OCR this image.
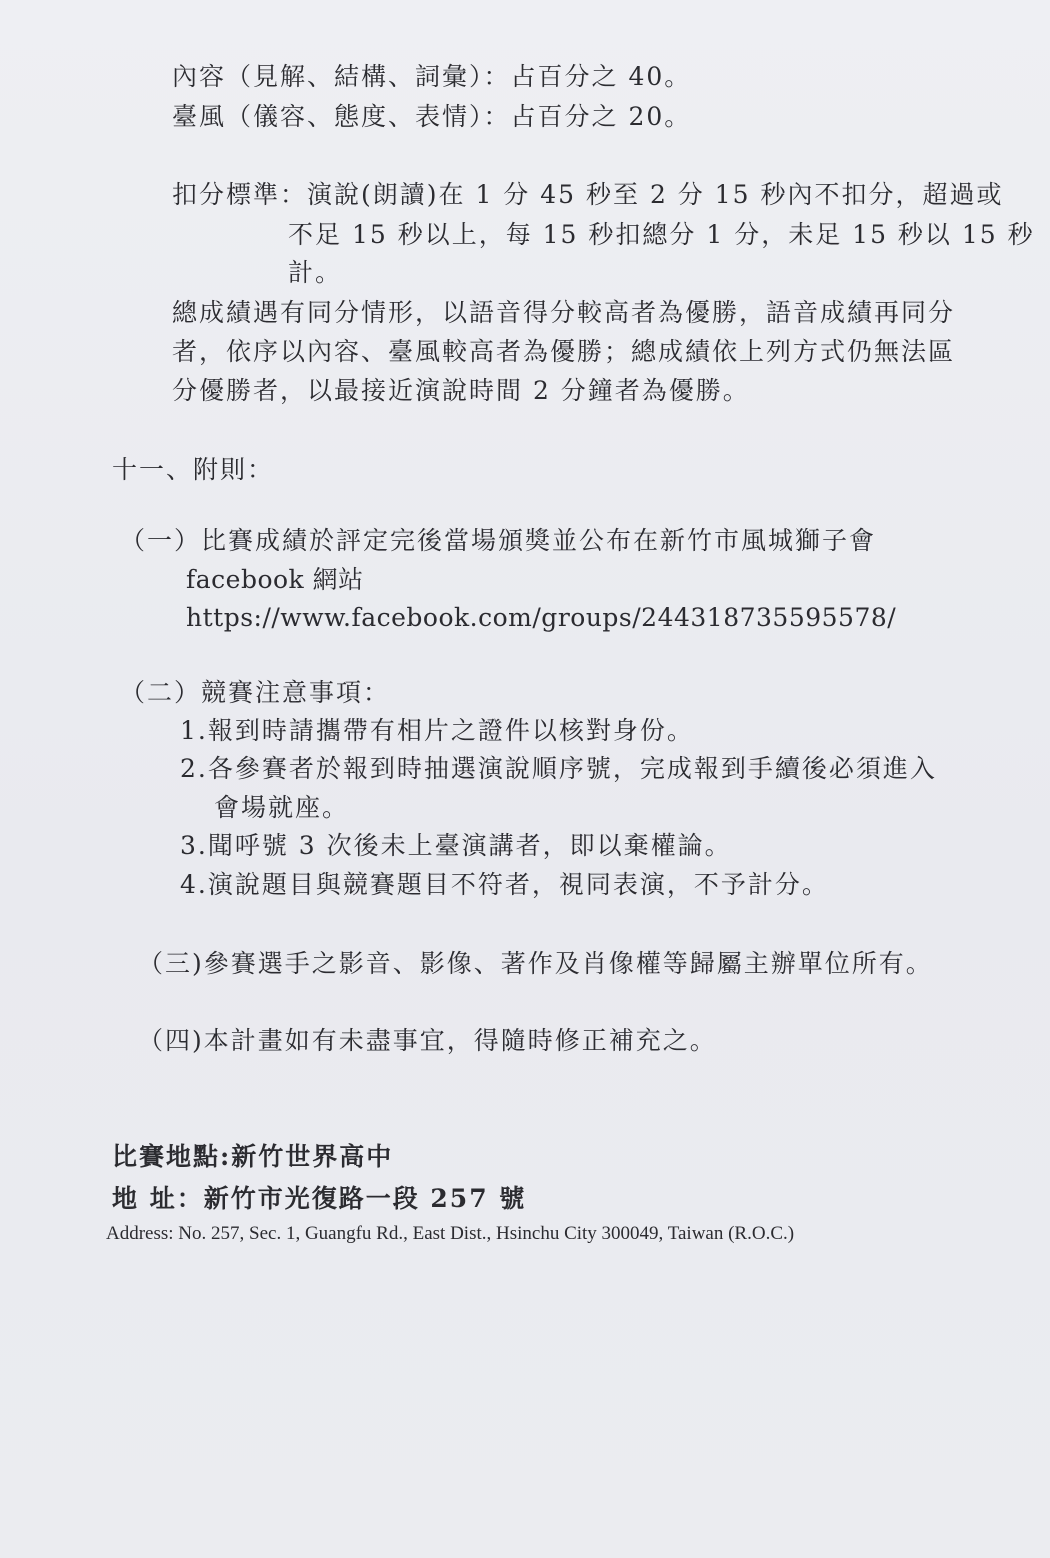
內容（見解、結構、詞彙）：占百分之 40。
臺風（儀容、態度、表情）：占百分之 20。
扣分標準：演說(朗讀)在 1 分 45 秒至 2 分 15 秒內不扣分，超過或
不足 15 秒以上，每 15 秒扣總分 1 分，未足 15 秒以 15 秒
計。
總成績遇有同分情形，以語音得分較高者為優勝，語音成績再同分
者，依序以內容、臺風較高者為優勝；總成績依上列方式仍無法區
分優勝者，以最接近演說時間 2 分鐘者為優勝。
十一、附則：
（一）比賽成績於評定完後當場頒獎並公布在新竹市風城獅子會
facebook 網站
https://www.facebook.com/groups/244318735595578/
（二）競賽注意事項：
1.報到時請攜帶有相片之證件以核對身份。
2.各參賽者於報到時抽選演說順序號，完成報到手續後必須進入
會場就座。
3.聞呼號 3 次後未上臺演講者，即以棄權論。
4.演說題目與競賽題目不符者，視同表演，不予計分。
（三)參賽選手之影音、影像、著作及肖像權等歸屬主辦單位所有。
（四)本計畫如有未盡事宜，得隨時修正補充之。
比賽地點:新竹世界高中
地 址：新竹市光復路一段 257 號
Address: No. 257, Sec. 1, Guangfu Rd., East Dist., Hsinchu City 300049, Taiwan (R.O.C.)
